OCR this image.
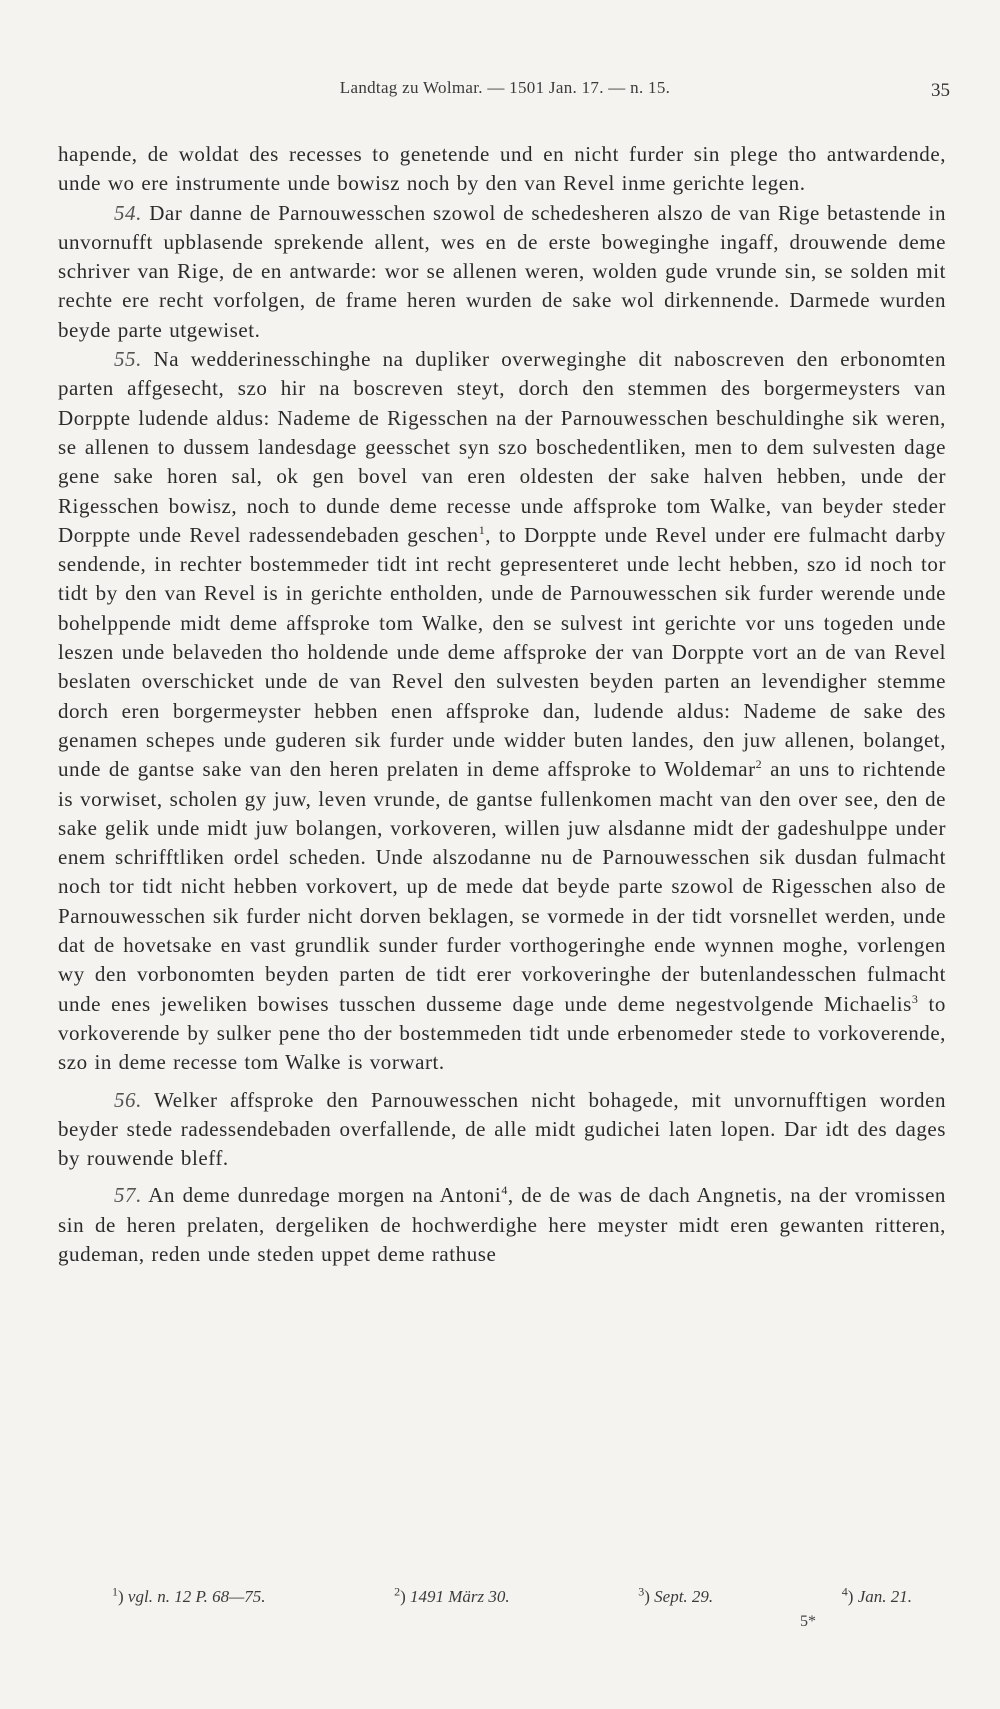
Landtag zu Wolmar. — 1501 Jan. 17. — n. 15.	35

hapende, de woldat des recesses to genetende und en nicht furder sin plege tho antwardende, unde wo ere instrumente unde bowisz noch by den van Revel inme gerichte legen.

54. Dar danne de Parnouwesschen szowol de schedesheren alszo de van Rige betastende in unvornufft upblasende sprekende allent, wes en de erste boweginghe ingaff, drouwende deme schriver van Rige, de en antwarde: wor se allenen weren, wolden gude vrunde sin, se solden mit rechte ere recht vorfolgen, de frame heren wurden de sake wol dirkennende. Darmede wurden beyde parte utgewiset.

55. Na wedderinesschinghe na dupliker overweginghe dit naboscreven den erbonomten parten affgesecht, szo hir na boscreven steyt, dorch den stemmen des borgermeysters van Dorppte ludende aldus: Nademe de Rigesschen na der Parnouwesschen beschuldinghe sik weren, se allenen to dussem landesdage geesschet syn szo boschedentliken, men to dem sulvesten dage gene sake horen sal, ok gen bovel van eren oldesten der sake halven hebben, unde der Rigesschen bowisz, noch to dunde deme recesse unde affsproke tom Walke, van beyder steder Dorppte unde Revel radessendebaden geschen$^1$, to Dorppte unde Revel under ere fulmacht darby sendende, in rechter bostemmeder tidt int recht gepresenteret unde lecht hebben, szo id noch tor tidt by den van Revel is in gerichte entholden, unde de Parnouwesschen sik furder werende unde bohelppende midt deme affsproke tom Walke, den se sulvest int gerichte vor uns togeden unde leszen unde belaveden tho holdende unde deme affsproke der van Dorppte vort an de van Revel beslaten overschicket unde de van Revel den sulvesten beyden parten an levendigher stemme dorch eren borgermeyster hebben enen affsproke dan, ludende aldus: Nademe de sake des genamen schepes unde guderen sik furder unde widder buten landes, den juw allenen, bolanget, unde de gantse sake van den heren prelaten in deme affsproke to Woldemar$^2$ an uns to richtende is vorwiset, scholen gy juw, leven vrunde, de gantse fullenkomen macht van den over see, den de sake gelik unde midt juw bolangen, vorkoveren, willen juw alsdanne midt der gadeshulppe under enem schrifftliken ordel scheden. Unde alszodanne nu de Parnouwesschen sik dusdan fulmacht noch tor tidt nicht hebben vorkovert, up de mede dat beyde parte szowol de Rigesschen also de Parnouwesschen sik furder nicht dorven beklagen, se vormede in der tidt vorsnellet werden, unde dat de hovetsake en vast grundlik sunder furder vorthogeringhe ende wynnen moghe, vorlengen wy den vorbonomten beyden parten de tidt erer vorkoveringhe der butenlandesschen fulmacht unde enes jeweliken bowises tusschen dusseme dage unde deme negestvolgende Michaelis$^3$ to vorkoverende by sulker pene tho der bostemmeden tidt unde erbenomeder stede to vorkoverende, szo in deme recesse tom Walke is vorwart.

56. Welker affsproke den Parnouwesschen nicht bohagede, mit unvornufftigen worden beyder stede radessendebaden overfallende, de alle midt gudichei laten lopen. Dar idt des dages by rouwende bleff.

57. An deme dunredage morgen na Antoni$^4$, de de was de dach Angnetis, na der vromissen sin de heren prelaten, dergeliken de hochwerdighe here meyster midt eren gewanten ritteren, gudeman, reden unde steden uppet deme rathuse

$^1$) vgl. n. 12 P. 68—75.	$^2$) 1491 März 30.	$^3$) Sept. 29.	$^4$) Jan. 21.
5*
